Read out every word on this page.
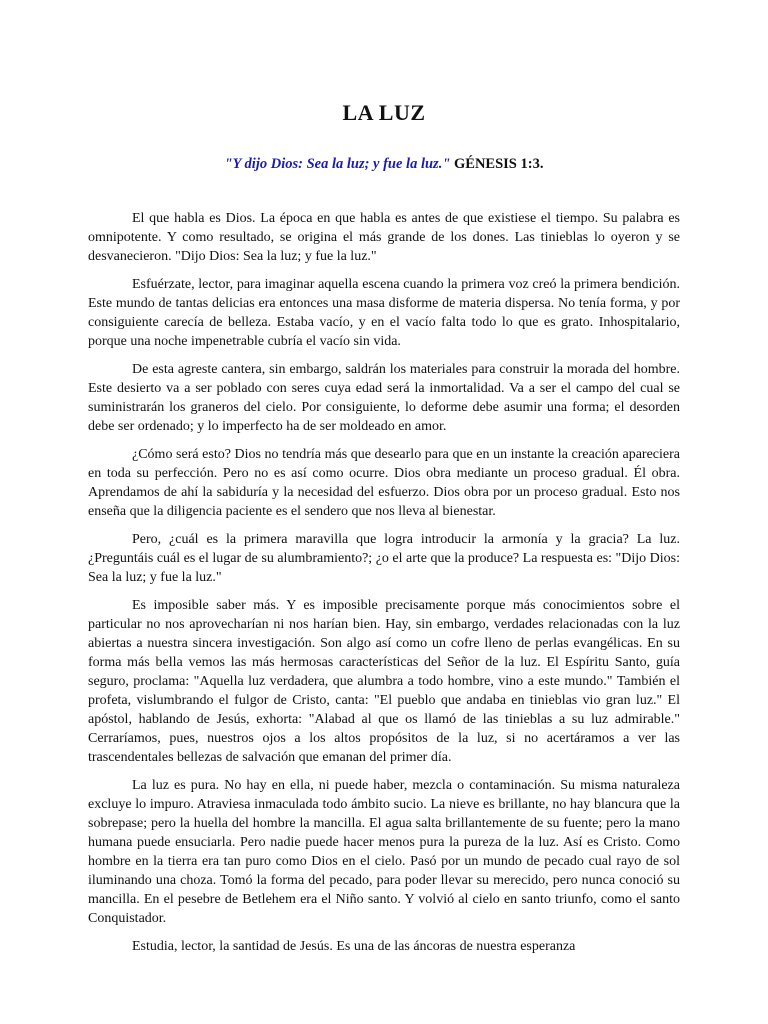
LA LUZ
"Y dijo Dios: Sea la luz; y fue la luz." GÉNESIS 1:3.

El que habla es Dios. La época en que habla es antes de que existiese el tiempo. Su palabra es omnipotente. Y como resultado, se origina el más grande de los dones. Las tinieblas lo oyeron y se desvanecieron. "Dijo Dios: Sea la luz; y fue la luz."

Esfuérzate, lector, para imaginar aquella escena cuando la primera voz creó la primera bendición. Este mundo de tantas delicias era entonces una masa disforme de materia dispersa. No tenía forma, y por consiguiente carecía de belleza. Estaba vacío, y en el vacío falta todo lo que es grato. Inhospitalario, porque una noche impenetrable cubría el vacío sin vida.

De esta agreste cantera, sin embargo, saldrán los materiales para construir la morada del hombre. Este desierto va a ser poblado con seres cuya edad será la inmortalidad. Va a ser el campo del cual se suministrarán los graneros del cielo. Por consiguiente, lo deforme debe asumir una forma; el desorden debe ser ordenado; y lo imperfecto ha de ser moldeado en amor.

¿Cómo será esto? Dios no tendría más que desearlo para que en un instante la creación apareciera en toda su perfección. Pero no es así como ocurre. Dios obra mediante un proceso gradual. Él obra. Aprendamos de ahí la sabiduría y la necesidad del esfuerzo. Dios obra por un proceso gradual. Esto nos enseña que la diligencia paciente es el sendero que nos lleva al bienestar.

Pero, ¿cuál es la primera maravilla que logra introducir la armonía y la gracia? La luz. ¿Preguntáis cuál es el lugar de su alumbramiento?; ¿o el arte que la produce? La respuesta es: "Dijo Dios: Sea la luz; y fue la luz."

Es imposible saber más. Y es imposible precisamente porque más conocimientos sobre el particular no nos aprovecharían ni nos harían bien. Hay, sin embargo, verdades relacionadas con la luz abiertas a nuestra sincera investigación. Son algo así como un cofre lleno de perlas evangélicas. En su forma más bella vemos las más hermosas características del Señor de la luz. El Espíritu Santo, guía seguro, proclama: "Aquella luz verdadera, que alumbra a todo hombre, vino a este mundo." También el profeta, vislumbrando el fulgor de Cristo, canta: "El pueblo que andaba en tinieblas vio gran luz." El apóstol, hablando de Jesús, exhorta: "Alabad al que os llamó de las tinieblas a su luz admirable." Cerraríamos, pues, nuestros ojos a los altos propósitos de la luz, si no acertáramos a ver las trascendentales bellezas de salvación que emanan del primer día.

La luz es pura. No hay en ella, ni puede haber, mezcla o contaminación. Su misma naturaleza excluye lo impuro. Atraviesa inmaculada todo ámbito sucio. La nieve es brillante, no hay blancura que la sobrepase; pero la huella del hombre la mancilla. El agua salta brillantemente de su fuente; pero la mano humana puede ensuciarla. Pero nadie puede hacer menos pura la pureza de la luz. Así es Cristo. Como hombre en la tierra era tan puro como Dios en el cielo. Pasó por un mundo de pecado cual rayo de sol iluminando una choza. Tomó la forma del pecado, para poder llevar su merecido, pero nunca conoció su mancilla. En el pesebre de Betlehem era el Niño santo. Y volvió al cielo en santo triunfo, como el santo Conquistador.

Estudia, lector, la santidad de Jesús. Es una de las áncoras de nuestra esperanza
